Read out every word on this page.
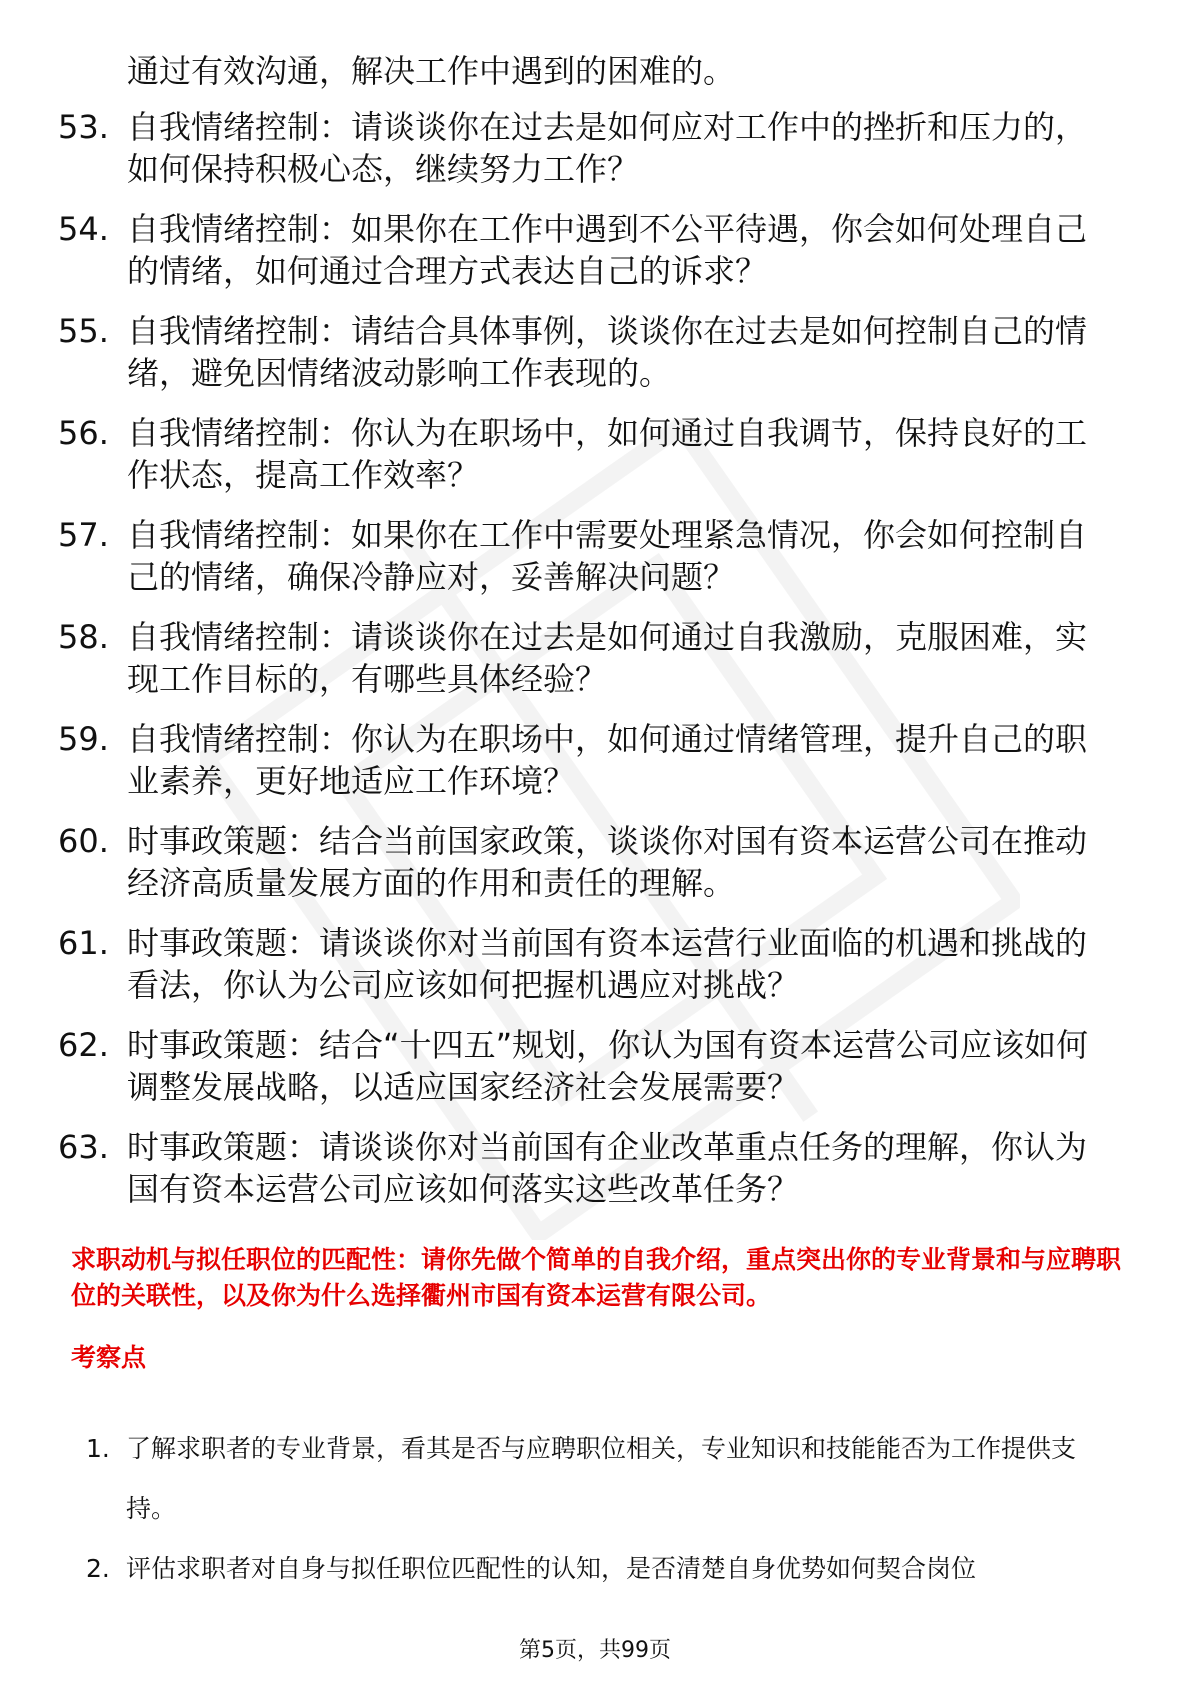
通过有效沟通，解决工作中遇到的困难的。
53. 自我情绪控制：请谈谈你在过去是如何应对工作中的挫折和压力的，如何保持积极心态，继续努力工作？
54. 自我情绪控制：如果你在工作中遇到不公平待遇，你会如何处理自己的情绪，如何通过合理方式表达自己的诉求？
55. 自我情绪控制：请结合具体事例，谈谈你在过去是如何控制自己的情绪，避免因情绪波动影响工作表现的。
56. 自我情绪控制：你认为在职场中，如何通过自我调节，保持良好的工作状态，提高工作效率？
57. 自我情绪控制：如果你在工作中需要处理紧急情况，你会如何控制自己的情绪，确保冷静应对，妥善解决问题？
58. 自我情绪控制：请谈谈你在过去是如何通过自我激励，克服困难，实现工作目标的，有哪些具体经验？
59. 自我情绪控制：你认为在职场中，如何通过情绪管理，提升自己的职业素养，更好地适应工作环境？
60. 时事政策题：结合当前国家政策，谈谈你对国有资本运营公司在推动经济高质量发展方面的作用和责任的理解。
61. 时事政策题：请谈谈你对当前国有资本运营行业面临的机遇和挑战的看法，你认为公司应该如何把握机遇应对挑战？
62. 时事政策题：结合“十四五”规划，你认为国有资本运营公司应该如何调整发展战略，以适应国家经济社会发展需要？
63. 时事政策题：请谈谈你对当前国有企业改革重点任务的理解，你认为国有资本运营公司应该如何落实这些改革任务？
求职动机与拟任职位的匹配性：请你先做个简单的自我介绍，重点突出你的专业背景和与应聘职位的关联性，以及你为什么选择衢州市国有资本运营有限公司。
考察点
1. 了解求职者的专业背景，看其是否与应聘职位相关，专业知识和技能能否为工作提供支持。
2. 评估求职者对自身与拟任职位匹配性的认知，是否清楚自身优势如何契合岗位
第5页，共99页
